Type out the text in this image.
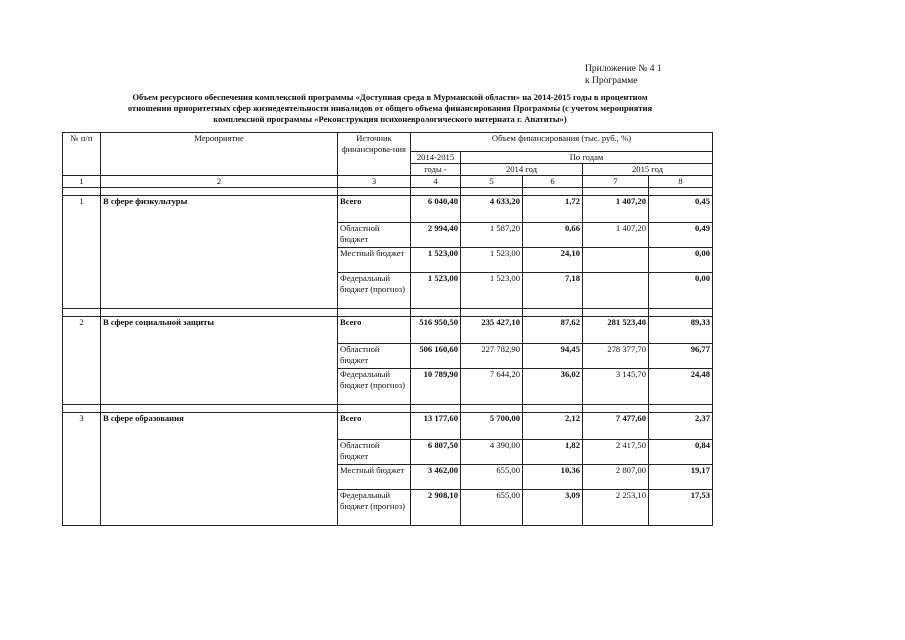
Приложение № 4 1
к Программе
Объем ресурсного обеспечения комплексной программы «Доступная среда в Мурманской области» на 2014-2015 годы в процентном
отношении приоритетных сфер жизнедеятельности инвалидов от общего объема финансирования Программы (с учетом мероприятия
комплексной программы «Реконструкция психоневрологического интерната г. Апатиты»)
№ п/п	Мероприятие	Источник финансирова-ния	Объем финансирования (тыс. руб., %)				
			2014-2015	По годам			
			годы -	2014 год		2015 год	
1	2	3	4	5	6	7	8

1	В сфере физкультуры	Всего	6 040,40	4 633,20	1,72	1 407,20	0,45
		Областной бюджет	2 994,40	1 587,20	0,66	1 407,20	0,49
		Местный бюджет	1 523,00	1 523,00	24,10		0,00
		Федеральный бюджет (прогноз)	1 523,00	1 523,00	7,18		0,00

2	В сфере социальной защиты	Всего	516 950,50	235 427,10	87,62	281 523,40	89,33
		Областной бюджет	506 160,60	227 782,90	94,45	278 377,70	96,77
		Федеральный бюджет (прогноз)	10 789,90	7 644,20	36,02	3 145,70	24,48

3	В сфере образования	Всего	13 177,60	5 700,00	2,12	7 477,60	2,37
		Областной бюджет	6 807,50	4 390,00	1,82	2 417,50	0,84
		Местный бюджет	3 462,00	655,00	10,36	2 807,00	19,17
		Федеральный бюджет (прогноз)	2 908,10	655,00	3,09	2 253,10	17,53
